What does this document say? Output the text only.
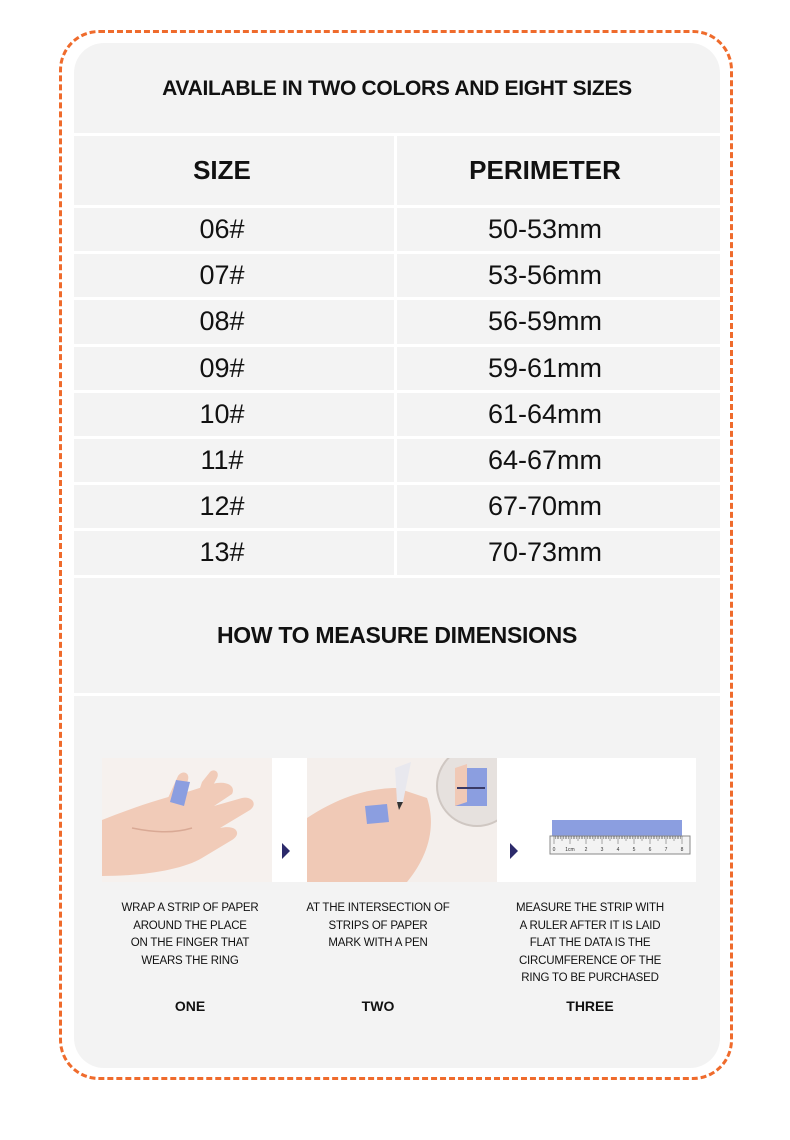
AVAILABLE IN TWO COLORS AND EIGHT SIZES
SIZE	PERIMETER
06#	50-53mm
07#	53-56mm
08#	56-59mm
09#	59-61mm
10#	61-64mm
11#	64-67mm
12#	67-70mm
13#	70-73mm
HOW TO MEASURE DIMENSIONS
0 1cm 2	3	4	5	6	7	8
WRAP A STRIP OF PAPER
AROUND THE PLACE
ON THE FINGER THAT
WEARS THE RING
ONE
AT THE INTERSECTION OF
STRIPS OF PAPER
MARK WITH A PEN
TWO
MEASURE THE STRIP WITH
A RULER AFTER IT IS LAID
FLAT THE DATA IS THE
CIRCUMFERENCE OF THE
RING TO BE PURCHASED
THREE
